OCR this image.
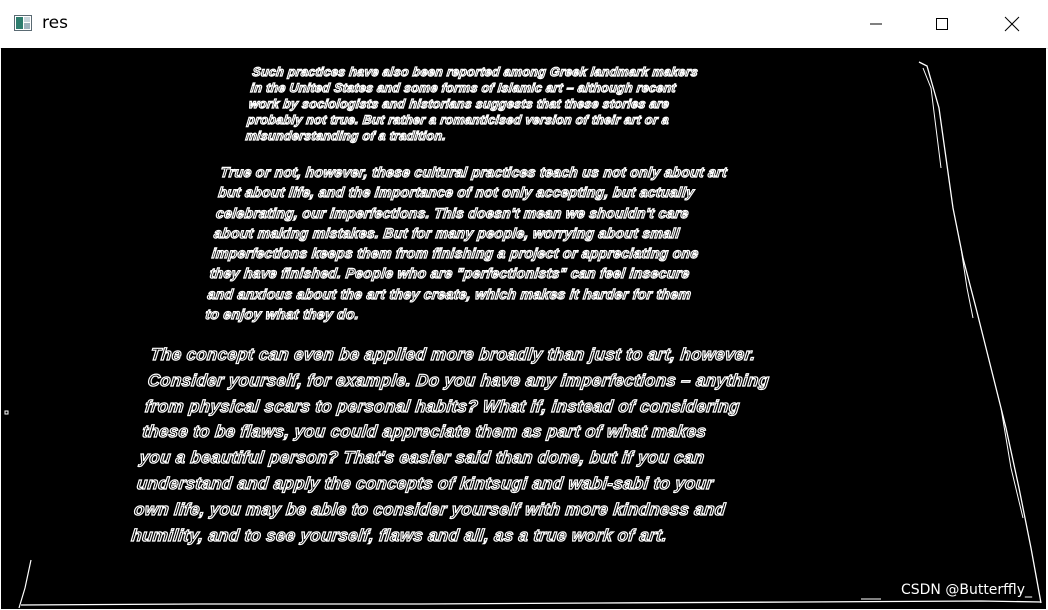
res
Such practices have also been reported among Greek landmark makers
in the United States and some forms of Islamic art – although recent
work by sociologists and historians suggests that these stories are
probably not true. But rather a romanticised version of their art or a
misunderstanding of a tradition.
True or not, however, these cultural practices teach us not only about art
but about life, and the importance of not only accepting, but actually
celebrating, our imperfections. This doesn't mean we shouldn't care
about making mistakes. But for many people, worrying about small
imperfections keeps them from finishing a project or appreciating one
they have finished. People who are "perfectionists" can feel insecure
and anxious about the art they create, which makes it harder for them
to enjoy what they do.
The concept can even be applied more broadly than just to art, however.
Consider yourself, for example. Do you have any imperfections – anything
from physical scars to personal habits? What if, instead of considering
these to be flaws, you could appreciate them as part of what makes
you a beautiful person? That's easier said than done, but if you can
understand and apply the concepts of kintsugi and wabi-sabi to your
own life, you may be able to consider yourself with more kindness and
humility, and to see yourself, flaws and all, as a true work of art.
CSDN @Butterffly_
